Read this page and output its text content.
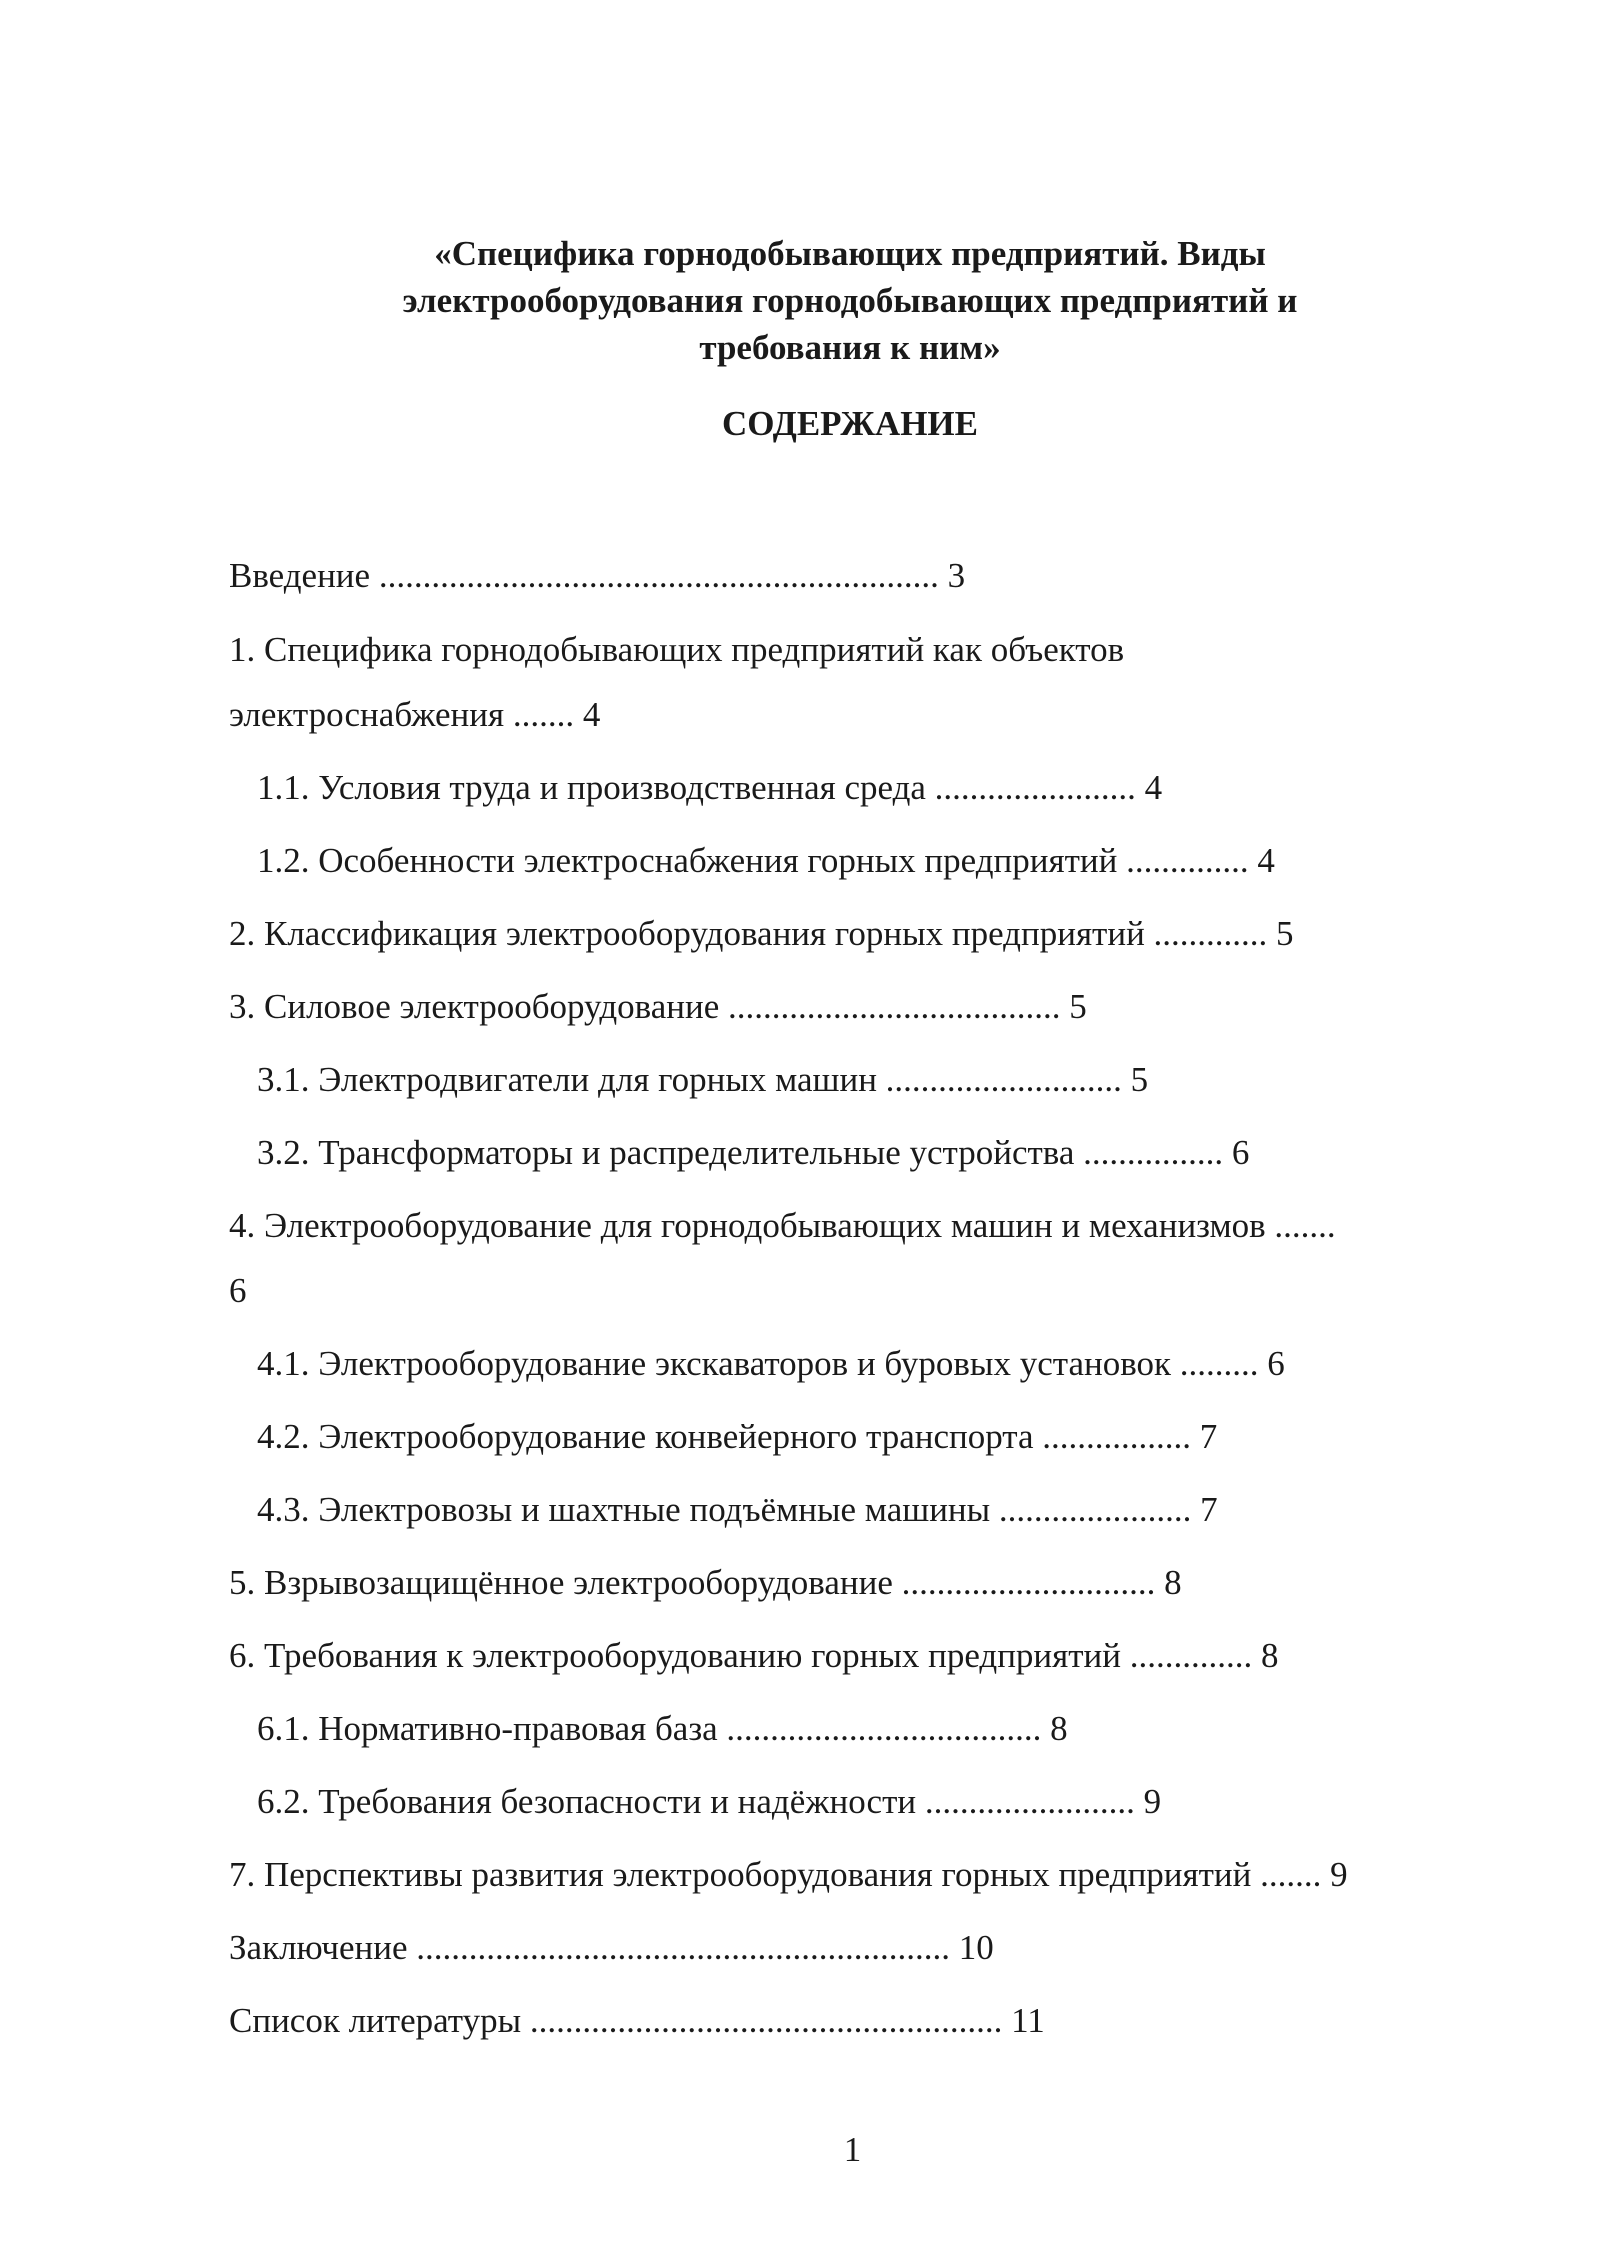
«Специфика горнодобывающих предприятий. Виды
электрооборудования горнодобывающих предприятий и
требования к ним»
СОДЕРЖАНИЕ
Введение ................................................................ 3
1. Специфика горнодобывающих предприятий как объектов
электроснабжения ....... 4
1.1. Условия труда и производственная среда ....................... 4
1.2. Особенности электроснабжения горных предприятий .............. 4
2. Классификация электрооборудования горных предприятий ............. 5
3. Силовое электрооборудование ...................................... 5
3.1. Электродвигатели для горных машин ........................... 5
3.2. Трансформаторы и распределительные устройства ................ 6
4. Электрооборудование для горнодобывающих машин и механизмов .......
6
4.1. Электрооборудование экскаваторов и буровых установок ......... 6
4.2. Электрооборудование конвейерного транспорта ................. 7
4.3. Электровозы и шахтные подъёмные машины ...................... 7
5. Взрывозащищённое электрооборудование ............................. 8
6. Требования к электрооборудованию горных предприятий .............. 8
6.1. Нормативно-правовая база .................................... 8
6.2. Требования безопасности и надёжности ........................ 9
7. Перспективы развития электрооборудования горных предприятий ....... 9
Заключение ............................................................. 10
Список литературы ...................................................... 11
1
